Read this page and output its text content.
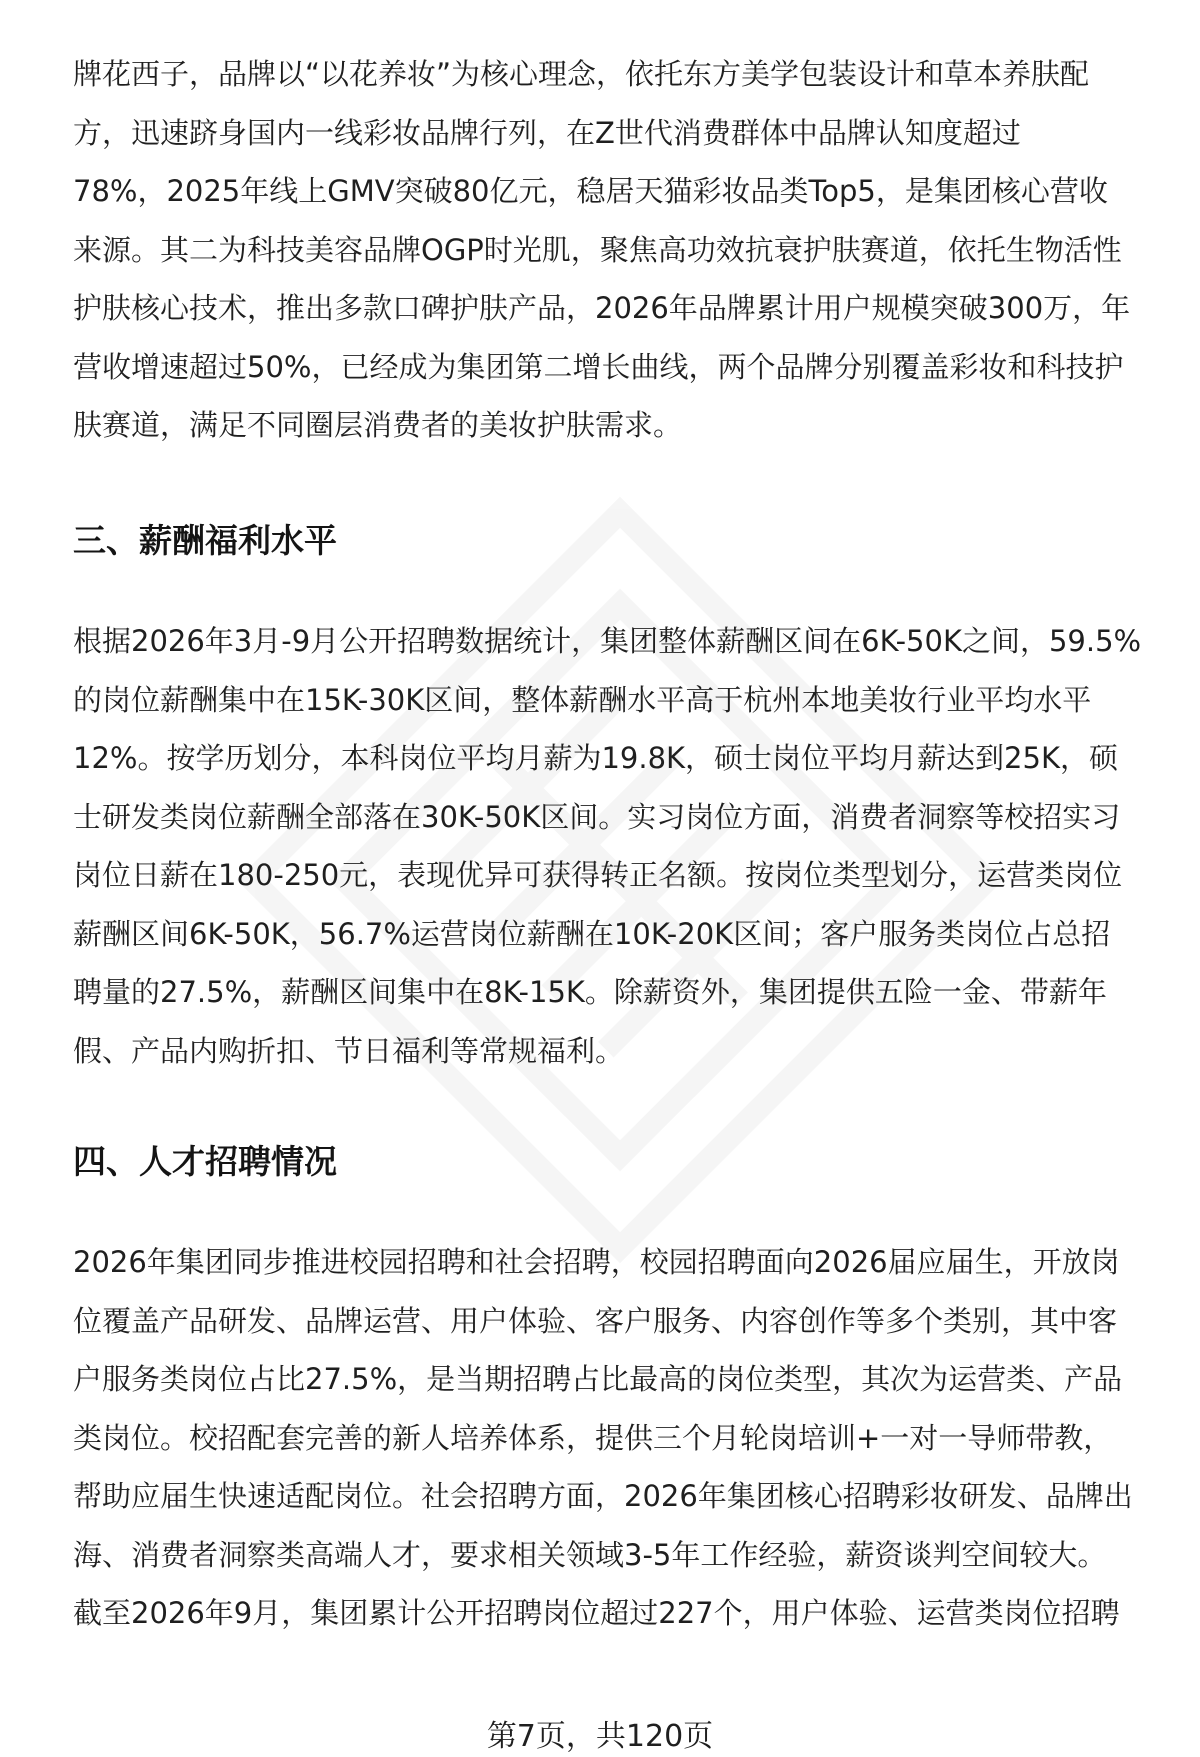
牌花西子，品牌以“以花养妆”为核心理念，依托东方美学包装设计和草本养肤配
方，迅速跻身国内一线彩妆品牌行列，在Z世代消费群体中品牌认知度超过
78%，2025年线上GMV突破80亿元，稳居天猫彩妆品类Top5，是集团核心营收
来源。其二为科技美容品牌OGP时光肌，聚焦高功效抗衰护肤赛道，依托生物活性
护肤核心技术，推出多款口碑护肤产品，2026年品牌累计用户规模突破300万，年
营收增速超过50%，已经成为集团第二增长曲线，两个品牌分别覆盖彩妆和科技护
肤赛道，满足不同圈层消费者的美妆护肤需求。
三、薪酬福利水平
根据2026年3月-9月公开招聘数据统计，集团整体薪酬区间在6K-50K之间，59.5%
的岗位薪酬集中在15K-30K区间，整体薪酬水平高于杭州本地美妆行业平均水平
12%。按学历划分，本科岗位平均月薪为19.8K，硕士岗位平均月薪达到25K，硕
士研发类岗位薪酬全部落在30K-50K区间。实习岗位方面，消费者洞察等校招实习
岗位日薪在180-250元，表现优异可获得转正名额。按岗位类型划分，运营类岗位
薪酬区间6K-50K，56.7%运营岗位薪酬在10K-20K区间；客户服务类岗位占总招
聘量的27.5%，薪酬区间集中在8K-15K。除薪资外，集团提供五险一金、带薪年
假、产品内购折扣、节日福利等常规福利。
四、人才招聘情况
2026年集团同步推进校园招聘和社会招聘，校园招聘面向2026届应届生，开放岗
位覆盖产品研发、品牌运营、用户体验、客户服务、内容创作等多个类别，其中客
户服务类岗位占比27.5%，是当期招聘占比最高的岗位类型，其次为运营类、产品
类岗位。校招配套完善的新人培养体系，提供三个月轮岗培训+一对一导师带教，
帮助应届生快速适配岗位。社会招聘方面，2026年集团核心招聘彩妆研发、品牌出
海、消费者洞察类高端人才，要求相关领域3-5年工作经验，薪资谈判空间较大。
截至2026年9月，集团累计公开招聘岗位超过227个，用户体验、运营类岗位招聘
第7页，共120页
